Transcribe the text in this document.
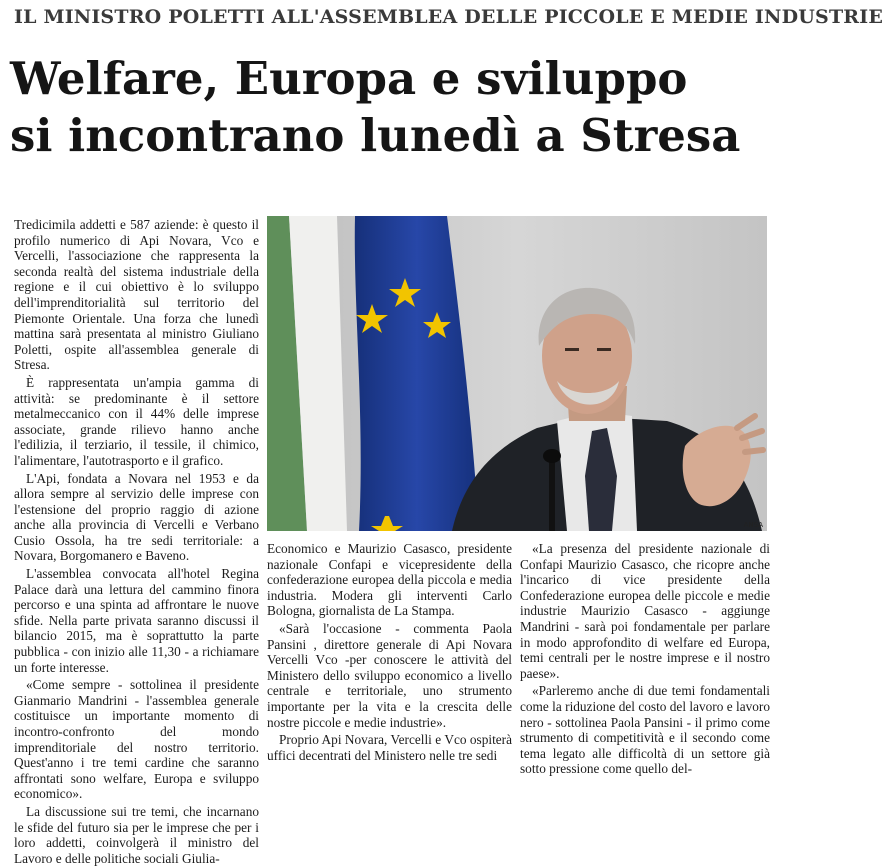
IL MINISTRO POLETTI ALL'ASSEMBLEA DELLE PICCOLE E MEDIE INDUSTRIE
Welfare, Europa e sviluppo
si incontrano lunedì a Stresa

Tredicimila addetti e 587 aziende: è questo il profilo numerico di Api Novara, Vco e Vercelli, l'associazione che rappresenta la seconda realtà del sistema industriale della regione e il cui obiettivo è lo sviluppo dell'imprenditorialità sul territorio del Piemonte Orientale. Una forza che lunedì mattina sarà presentata al ministro Giuliano Poletti, ospite all'assemblea generale di Stresa.

È rappresentata un'ampia gamma di attività: se predominante è il settore metalmeccanico con il 44% delle imprese associate, grande rilievo hanno anche l'edilizia, il terziario, il tessile, il chimico, l'alimentare, l'autotrasporto e il grafico.

L'Api, fondata a Novara nel 1953 e da allora sempre al servizio delle imprese con l'estensione del proprio raggio di azione anche alla provincia di Vercelli e Verbano Cusio Ossola, ha tre sedi territoriale: a Novara, Borgomanero e Baveno.

L'assemblea convocata all'hotel Regina Palace darà una lettura del cammino finora percorso e una spinta ad affrontare le nuove sfide. Nella parte privata saranno discussi il bilancio 2015, ma è soprattutto la parte pubblica - con inizio alle 11,30 - a richiamare un forte interesse.

«Come sempre - sottolinea il presidente Gianmario Mandrini - l'assemblea generale costituisce un importante momento di incontro-confronto del mondo imprenditoriale del nostro territorio. Quest'anno i tre temi cardine che saranno affrontati sono welfare, Europa e sviluppo economico».

La discussione sui tre temi, che incarnano le sfide del futuro sia per le imprese che per i loro addetti, coinvolgerà il ministro del Lavoro e delle politiche sociali Giulia-

ANSA

Economico e Maurizio Casasco, presidente nazionale Confapi e vicepresidente della confederazione europea della piccola e media industria. Modera gli interventi Carlo Bologna, giornalista de La Stampa.

«Sarà l'occasione - commenta Paola Pansini , direttore generale di Api Novara Vercelli Vco -per conoscere le attività del Ministero dello sviluppo economico a livello centrale e territoriale, uno strumento importante per la vita e la crescita delle nostre piccole e medie industrie».

Proprio Api Novara, Vercelli e Vco ospiterà uffici decentrati del Ministero nelle tre sedi

«La presenza del presidente nazionale di Confapi Maurizio Casasco, che ricopre anche l'incarico di vice presidente della Confederazione europea delle piccole e medie industrie Maurizio Casasco - aggiunge Mandrini - sarà poi fondamentale per parlare in modo approfondito di welfare ed Europa, temi centrali per le nostre imprese e il nostro paese».

«Parleremo anche di due temi fondamentali come la riduzione del costo del lavoro e lavoro nero - sottolinea Paola Pansini - il primo come strumento di competitività e il secondo come tema legato alle difficoltà di un settore già sotto pressione come quello del-
